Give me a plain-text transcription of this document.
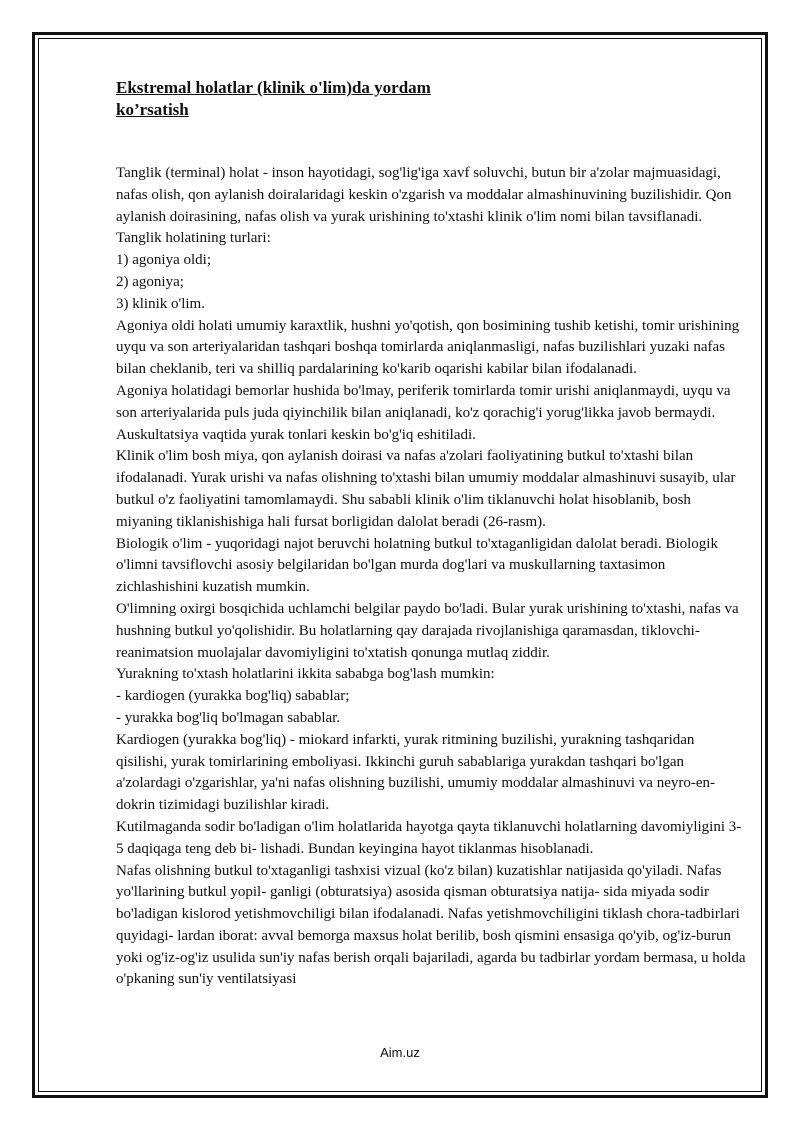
Ekstremal holatlar (klinik o'lim)da yordam
ko’rsatish

Tanglik (terminal) holat - inson hayotidagi, sog'lig'iga xavf soluvchi, butun bir a'zolar majmuasidagi, nafas olish, qon aylanish doiralaridagi keskin o'zgarish va moddalar almashinuvining buzilishidir. Qon aylanish doirasining, nafas olish va yurak urishining to'xtashi klinik o'lim nomi bilan tavsiflanadi.

Tanglik holatining turlari:

1) agoniya oldi;

2) agoniya;

3) klinik o'lim.

Agoniya oldi holati umumiy karaxtlik, hushni yo'qotish, qon bosimining tushib ketishi, tomir urishining uyqu va son arteriyalaridan tashqari boshqa tomirlarda aniqlanmasligi, nafas buzilishlari yuzaki nafas bilan cheklanib, teri va shilliq pardalarining ko'karib oqarishi kabilar bilan ifodalanadi.

Agoniya holatidagi bemorlar hushida bo'lmay, periferik tomirlarda tomir urishi aniqlanmaydi, uyqu va son arteriyalarida puls juda qiyinchilik bilan aniqlanadi, ko'z qorachig'i yorug'likka javob bermaydi. Auskultatsiya vaqtida yurak tonlari keskin bo'g'iq eshitiladi.

Klinik o'lim bosh miya, qon aylanish doirasi va nafas a'zolari faoliyatining butkul to'xtashi bilan ifodalanadi. Yurak urishi va nafas olishning to'xtashi bilan umumiy moddalar almashinuvi susayib, ular butkul o'z faoliyatini tamomlamaydi. Shu sababli klinik o'lim tiklanuvchi holat hisoblanib, bosh miyaning tiklanishishiga hali fursat borligidan dalolat beradi (26-rasm).

Biologik o'lim - yuqoridagi najot beruvchi holatning butkul to'xtaganligidan dalolat beradi. Biologik o'limni tavsiflovchi asosiy belgilaridan bo'lgan murda dog'lari va muskullarning taxtasimon zichlashishini kuzatish mumkin.

O'limning oxirgi bosqichida uchlamchi belgilar paydo bo'ladi. Bular yurak urishining to'xtashi, nafas va hushning butkul yo'qolishidir. Bu holatlarning qay darajada rivojlanishiga qaramasdan, tiklovchi- reanimatsion muolajalar davomiyligini to'xtatish qonunga mutlaq ziddir.

Yurakning to'xtash holatlarini ikkita sababga bog'lash mumkin:

- kardiogen (yurakka bog'liq) sabablar;

- yurakka bog'liq bo'lmagan sabablar.

Kardiogen (yurakka bog'liq) - miokard infarkti, yurak ritmining buzilishi, yurakning tashqaridan qisilishi, yurak tomirlarining emboliyasi. Ikkinchi guruh sabablariga yurakdan tashqari bo'lgan a'zolardagi o'zgarishlar, ya'ni nafas olishning buzilishi, umumiy moddalar almashinuvi va neyro-en- dokrin tizimidagi buzilishlar kiradi.

Kutilmaganda sodir bo'ladigan o'lim holatlarida hayotga qayta tiklanuvchi holatlarning davomiyligini 3-5 daqiqaga teng deb bi- lishadi. Bundan keyingina hayot tiklanmas hisoblanadi.

Nafas olishning butkul to'xtaganligi tashxisi vizual (ko'z bilan) kuzatishlar natijasida qo'yiladi. Nafas yo'llarining butkul yopil- ganligi (obturatsiya) asosida qisman obturatsiya natija- sida miyada sodir bo'ladigan kislorod yetishmovchiligi bilan ifodalanadi. Nafas yetishmovchiligini tiklash chora-tadbirlari quyidagi- lardan iborat: avval bemorga maxsus holat berilib, bosh qismini ensasiga qo'yib, og'iz-burun yoki og'iz-og'iz usulida sun'iy nafas berish orqali bajariladi, agarda bu tadbirlar yordam bermasa, u holda o'pkaning sun'iy ventilatsiyasi

Aim.uz
